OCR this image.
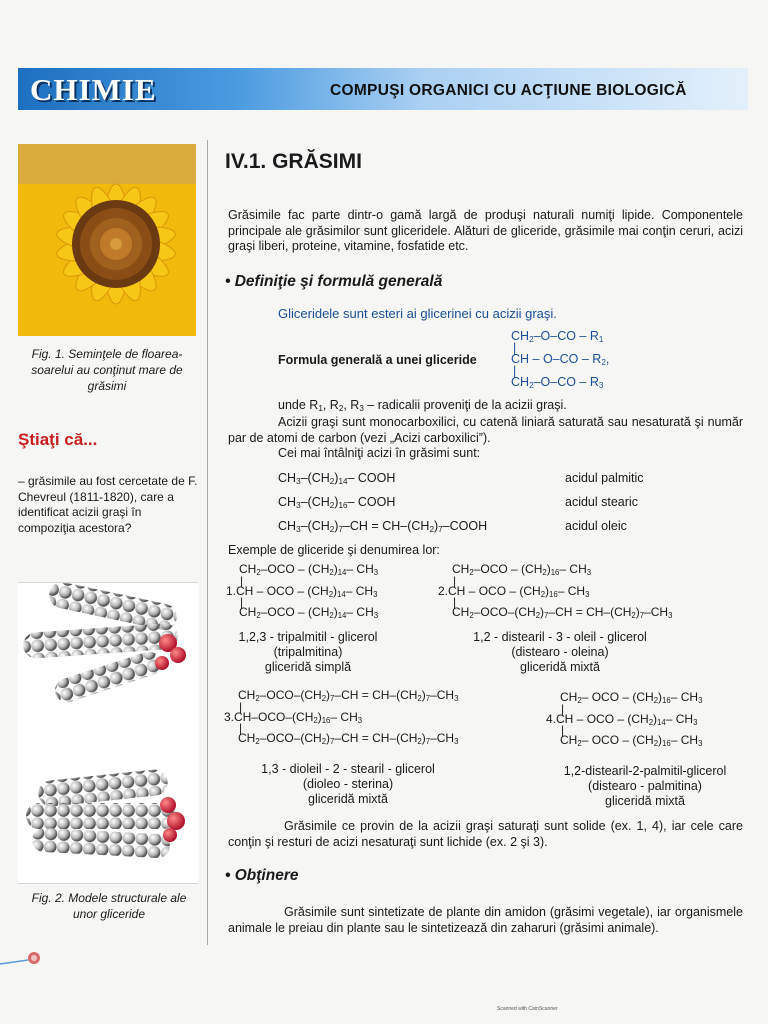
CHIMIE	COMPUŞI ORGANICI CU ACŢIUNE BIOLOGICĂ
Fig. 1. Seminţele de floarea-soarelui au conţinut mare de grăsimi
Ştiaţi că...
– grăsimile au fost cercetate de F. Chevreul (1811-1820), care a identificat acizii graşi în compoziţia acestora?
Fig. 2. Modele structurale ale unor gliceride
IV.1. GRĂSIMI
Grăsimile fac parte dintr-o gamă largă de produşi naturali numiţi lipide. Componentele principale ale grăsimilor sunt gliceridele. Alături de gliceride, grăsimile mai conţin ceruri, acizi graşi liberi, proteine, vitamine, fosfatide etc.
• Definiţie şi formulă generală
Gliceridele sunt esteri ai glicerinei cu acizii graşi.
Formula generală a unei gliceride
$CH_2-O-CO - R_1$
|
CH – $O-CO - R_2$,
|
$CH_2-O-CO - R_3$
unde $R_1$, $R_2$, $R_3$ – radicalii proveniţi de la acizii graşi.
Acizii graşi sunt monocarboxilici, cu catenă liniară saturată sau nesaturată şi număr par de atomi de carbon (vezi „Acizi carboxilici”).
Cei mai întâlniţi acizi în grăsimi sunt:
$CH_3-(CH_2)_{14}-$ COOH	acidul palmitic
$CH_3-(CH_2)_{16}-$ COOH	acidul stearic
$CH_3-(CH_2)_7-CH$ = $CH-(CH_2)_7$–COOH	acidul oleic
Exemple de gliceride şi denumirea lor:
$CH_2$–OCO – $(CH_2)_{14}-$ $CH_3$
|
1.CH – OCO – $(CH_2)_{14}-$ $CH_3$
|
$CH_2$–OCO – $(CH_2)_{14}-$ $CH_3$
1,2,3 - tripalmitil - glicerol
(tripalmitina)
gliceridă simplă
$CH_2$–OCO – $(CH_2)_{16}-$ $CH_3$
|
2.CH – OCO – $(CH_2)_{16}-$ $CH_3$
|
$CH_2-OCO-(CH_2)_7-CH = CH-(CH_2)_7-CH_3$
1,2 - distearil - 3 - oleil - glicerol
(distearo - oleina)
gliceridă mixtă
$CH_2-OCO-(CH_2)_7-CH = CH-(CH_2)_7-CH_3$
|
$3.CH-OCO-(CH_2)_{16}-$ $CH_3$
|
$CH_2-OCO-(CH_2)_7-CH = CH-(CH_2)_7-CH_3$
1,3 - dioleil - 2 - stearil - glicerol
(dioleo - sterina)
gliceridă mixtă
$CH_2-$ OCO – $(CH_2)_{16}-$ $CH_3$
|
4.CH – OCO – $(CH_2)_{14}-$ $CH_3$
|
$CH_2-$ OCO – $(CH_2)_{16}-$ $CH_3$
1,2-distearil-2-palmitil-glicerol
(distearo - palmitina)
gliceridă mixtă
Grăsimile ce provin de la acizii graşi saturaţi sunt solide (ex. 1, 4), iar cele care conţin şi resturi de acizi nesaturaţi sunt lichide (ex. 2 şi 3).
• Obţinere
Grăsimile sunt sintetizate de plante din amidon (grăsimi vegetale), iar organismele animale le preiau din plante sau le sintetizează din zaharuri (grăsimi animale).
Scanned with CamScanner
